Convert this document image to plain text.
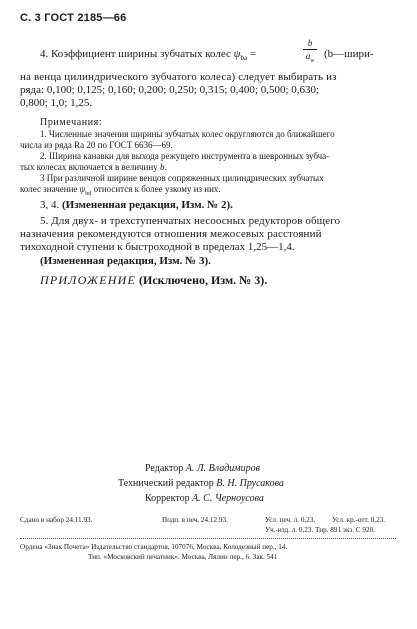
С. 3 ГОСТ 2185—66
4. Коэффициент ширины зубчатых колес $\psi_{ba}$ =
b
$a_w$
(b—шири-
на венца цилиндрического зубчатого колеса) следует выбирать из
ряда: 0,100; 0,125; 0,160; 0,200; 0,250; 0,315; 0,400; 0,500; 0,630;
0,800; 1,0; 1,25.
Примечания:
1. Численные значения ширины зубчатых колес округляются до ближайшего
числа из ряда Ra 20 по ГОСТ 6636—69.
2. Ширина канавки для выхода режущего инструмента в шевронных зубча-
тых колесах включается в величину b.
3 При различной ширине венцов сопряженных цилиндрических зубчатых
колес значение $\psi_{bd}$ относится к более узкому из них.
3, 4. (Измененная редакция, Изм. № 2).
5. Для двух- и трехступенчатых несоосных редукторов общего
назначения рекомендуются отношения межосевых расстояний
тихоходной ступени к быстроходной в пределах 1,25—1,4.
(Измененная редакция, Изм. № 3).
ПРИЛОЖЕНИЕ (Исключено, Изм. № 3).
Редактор А. Л. Владимиров
Технический редактор В. Н. Прусакова
Корректор А. С. Черноусова
Сдано в набор 24.11.93.	Подп. в печ. 24.12.93.	Усл. печ. л. 0,23. Усл. кр.-отт. 0,23.
Уч.-изд. л. 0,23. Тир. 891 экз. С 920.
Ордена «Знак Почета» Издательство стандартов, 107076, Москва, Колодезный пер., 14.
Тип. «Московский печатник». Москва, Лялин пер., 6. Зак. 541
